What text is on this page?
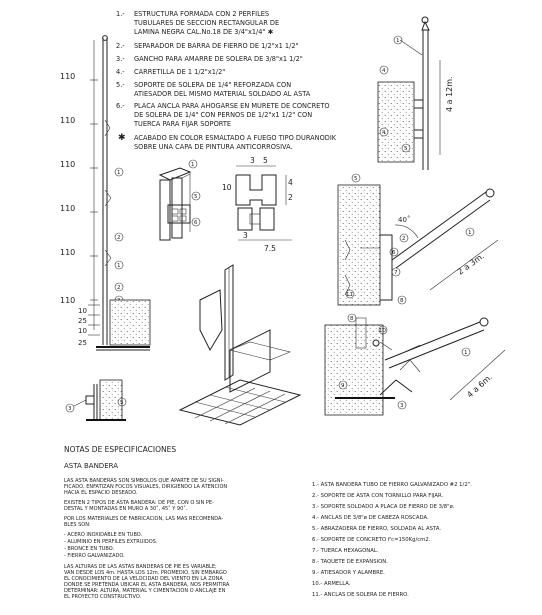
1.- ESTRUCTURA FORMADA CON 2 PERFILES
TUBULARES DE SECCION RECTANGULAR DE
LAMINA NEGRA CAL.No.18 DE 3/4"x1/4" ✱
2.- SEPARADOR DE BARRA DE FIERRO DE 1/2"x1 1/2"
3.- GANCHO PARA AMARRE DE SOLERA DE 3/8"x1 1/2"
4.- CARRETILLA DE 1 1/2"x1/2"
5.- SOPORTE DE SOLERA DE 1/4" REFORZADA CON
ATIESADOR DEL MISMO MATERIAL SOLDADO AL ASTA
6.- PLACA ANCLA PARA AHOGARSE EN MURETE DE CONCRETO
DE SOLERA DE 1/4" CON PERNOS DE 1/2"x1 1/2" CON
TUERCA PARA FIJAR SOPORTE
✱ ACABADO EN COLOR ESMALTADO A FUEGO TIPO DURANODIK
SOBRE UNA CAPA DE PINTURA ANTICORROSIVA.
110
110
110
110
110
110
1
2
1
2
10
25
10
25
3
5
1
5
6
3 5
10
4
2
3
7.5
1
4
4
5
4 a 12m.
40˚
2 a 3m.
5
6
2
1
7
11
8
4 a 6m.
8
10
9
1
3
NOTAS DE ESPECIFICACIONES
ASTA BANDERA
LAS ASTA BANDERAS SON SIMBOLOS QUE APARTE DE SU SIGNI-
FICADO, ENFATIZAN FOCOS VISUALES, DIRIGIENDO LA ATENCION
HACIA EL ESPACIO DESEADO.
EXISTEN 2 TIPOS DE ASTA BANDERA: DE PIE, CON O SIN PE-
DESTAL Y MONTADAS EN MURO A 30˚, 45˚ Y 90˚.
POR LOS MATERIALES DE FABRICACION, LAS MAS RECOMENDA-
BLES SON:
- ACERO INOXIDABLE EN TUBO.
- ALUMINIO EN PERFILES EXTRUIDOS.
- BRONCE EN TUBO.
- FIERRO GALVANIZADO.
LAS ALTURAS DE LAS ASTAS BANDERAS DE PIE ES VARIABLE;
VAN DESDE LOS 4m. HASTA LOS 12m. PROMEDIO, SIN EMBARGO
EL CONOCIMIENTO DE LA VELOCIDAD DEL VIENTO EN LA ZONA
DONDE SE PRETENDA UBICAR EL ASTA BANDERA, NOS PERMITIRA
DETERMINAR: ALTURA, MATERIAL Y CIMENTACION O ANCLAJE EN
EL PROYECTO CONSTRUCTIVO.
1.- ASTA BANDERA TUBO DE FIERRO GALVANIZADO #2 1/2".
2.- SOPORTE DE ASTA CON TORNILLO PARA FIJAR.
3.- SOPORTE SOLDADO A PLACA DE FIERRO DE 3/8"ø.
4.- ANCLAS DE 3/8"ø DE CABEZA ROSCADA.
5.- ABRAZADERA DE FIERRO, SOLDADA AL ASTA.
6.- SOPORTE DE CONCRETO f'c=150Kg/cm2.
7.- TUERCA HEXAGONAL.
8.- TAQUETE DE EXPANSION.
9.- ATIESADOR Y ALAMBRE.
10.- ARMELLA.
11.- ANCLAS DE SOLERA DE FIERRO.
